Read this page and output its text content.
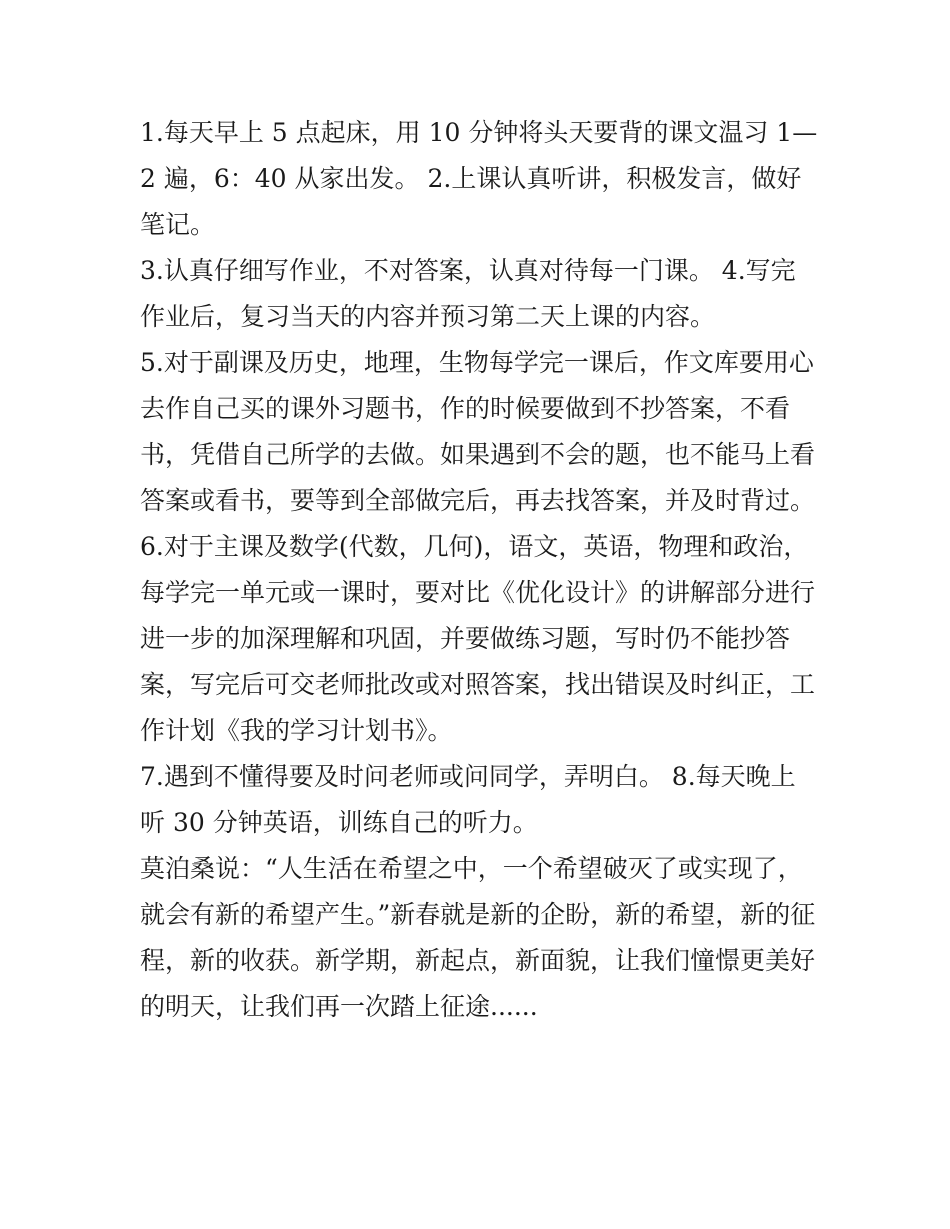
1.每天早上 5 点起床，用 10 分钟将头天要背的课文温习 1—2 遍，6：40 从家出发。 2.上课认真听讲，积极发言，做好笔记。

3.认真仔细写作业，不对答案，认真对待每一门课。 4.写完作业后，复习当天的内容并预习第二天上课的内容。

5.对于副课及历史，地理，生物每学完一课后，作文库要用心去作自己买的课外习题书，作的时候要做到不抄答案，不看书，凭借自己所学的去做。如果遇到不会的题，也不能马上看答案或看书，要等到全部做完后，再去找答案，并及时背过。

6.对于主课及数学(代数，几何)，语文，英语，物理和政治，每学完一单元或一课时，要对比《优化设计》的讲解部分进行进一步的加深理解和巩固，并要做练习题，写时仍不能抄答案，写完后可交老师批改或对照答案，找出错误及时纠正，工作计划《我的学习计划书》。

7.遇到不懂得要及时问老师或问同学，弄明白。 8.每天晚上听 30 分钟英语，训练自己的听力。

莫泊桑说：“人生活在希望之中，一个希望破灭了或实现了，就会有新的希望产生。”新春就是新的企盼，新的希望，新的征程，新的收获。新学期，新起点，新面貌，让我们憧憬更美好的明天，让我们再一次踏上征途......
